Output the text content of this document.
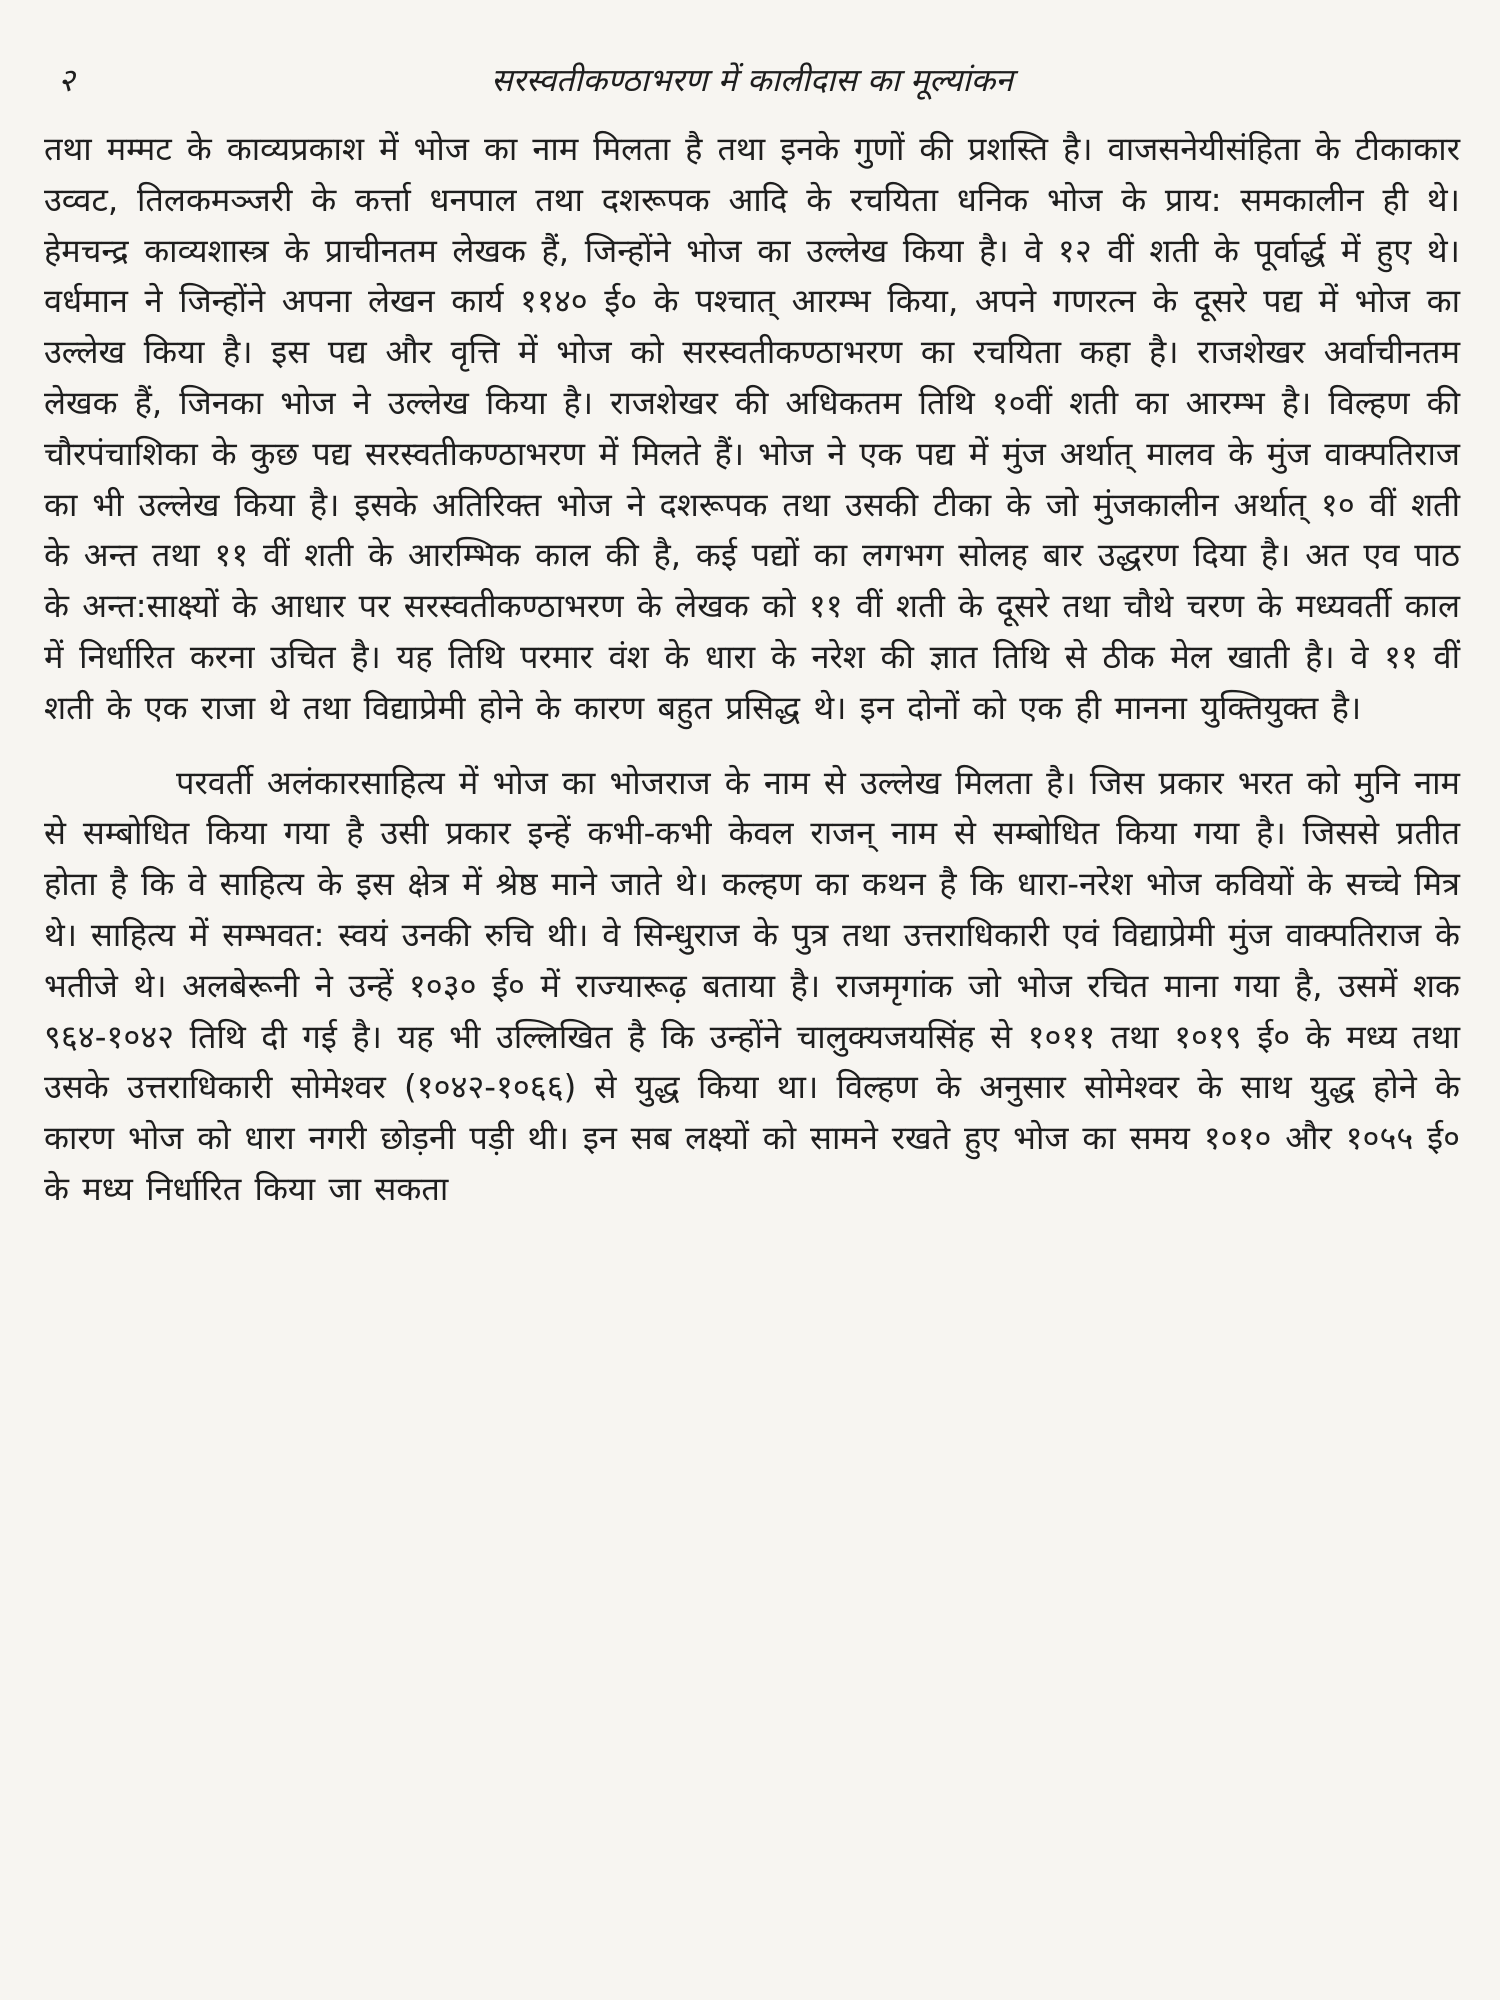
२	सरस्वतीकण्ठाभरण में कालीदास का मूल्यांकन

तथा मम्मट के काव्यप्रकाश में भोज का नाम मिलता है तथा इनके गुणों की प्रशस्ति है। वाजसनेयीसंहिता के टीकाकार उव्वट, तिलकमञ्जरी के कर्त्ता धनपाल तथा दशरूपक आदि के रचयिता धनिक भोज के प्राय: समकालीन ही थे। हेमचन्द्र काव्यशास्त्र के प्राचीनतम लेखक हैं, जिन्होंने भोज का उल्लेख किया है। वे १२ वीं शती के पूर्वार्द्ध में हुए थे। वर्धमान ने जिन्होंने अपना लेखन कार्य ११४० ई० के पश्चात् आरम्भ किया, अपने गणरत्न के दूसरे पद्य में भोज का उल्लेख किया है। इस पद्य और वृत्ति में भोज को सरस्वतीकण्ठाभरण का रचयिता कहा है। राजशेखर अर्वाचीनतम लेखक हैं, जिनका भोज ने उल्लेख किया है। राजशेखर की अधिकतम तिथि १०वीं शती का आरम्भ है। विल्हण की चौरपंचाशिका के कुछ पद्य सरस्वतीकण्ठाभरण में मिलते हैं। भोज ने एक पद्य में मुंज अर्थात् मालव के मुंज वाक्पतिराज का भी उल्लेख किया है। इसके अतिरिक्त भोज ने दशरूपक तथा उसकी टीका के जो मुंजकालीन अर्थात् १० वीं शती के अन्त तथा ११ वीं शती के आरम्भिक काल की है, कई पद्यों का लगभग सोलह बार उद्धरण दिया है। अत एव पाठ के अन्त:साक्ष्यों के आधार पर सरस्वतीकण्ठाभरण के लेखक को ११ वीं शती के दूसरे तथा चौथे चरण के मध्यवर्ती काल में निर्धारित करना उचित है। यह तिथि परमार वंश के धारा के नरेश की ज्ञात तिथि से ठीक मेल खाती है। वे ११ वीं शती के एक राजा थे तथा विद्याप्रेमी होने के कारण बहुत प्रसिद्ध थे। इन दोनों को एक ही मानना युक्तियुक्त है।

परवर्ती अलंकारसाहित्य में भोज का भोजराज के नाम से उल्लेख मिलता है। जिस प्रकार भरत को मुनि नाम से सम्बोधित किया गया है उसी प्रकार इन्हें कभी-कभी केवल राजन् नाम से सम्बोधित किया गया है। जिससे प्रतीत होता है कि वे साहित्य के इस क्षेत्र में श्रेष्ठ माने जाते थे। कल्हण का कथन है कि धारा-नरेश भोज कवियों के सच्चे मित्र थे। साहित्य में सम्भवत: स्वयं उनकी रुचि थी। वे सिन्धुराज के पुत्र तथा उत्तराधिकारी एवं विद्याप्रेमी मुंज वाक्पतिराज के भतीजे थे। अलबेरूनी ने उन्हें १०३० ई० में राज्यारूढ़ बताया है। राजमृगांक जो भोज रचित माना गया है, उसमें शक ९६४-१०४२ तिथि दी गई है। यह भी उल्लिखित है कि उन्होंने चालुक्यजयसिंह से १०११ तथा १०१९ ई० के मध्य तथा उसके उत्तराधिकारी सोमेश्वर (१०४२-१०६६) से युद्ध किया था। विल्हण के अनुसार सोमेश्वर के साथ युद्ध होने के कारण भोज को धारा नगरी छोड़नी पड़ी थी। इन सब लक्ष्यों को सामने रखते हुए भोज का समय १०१० और १०५५ ई० के मध्य निर्धारित किया जा सकता
